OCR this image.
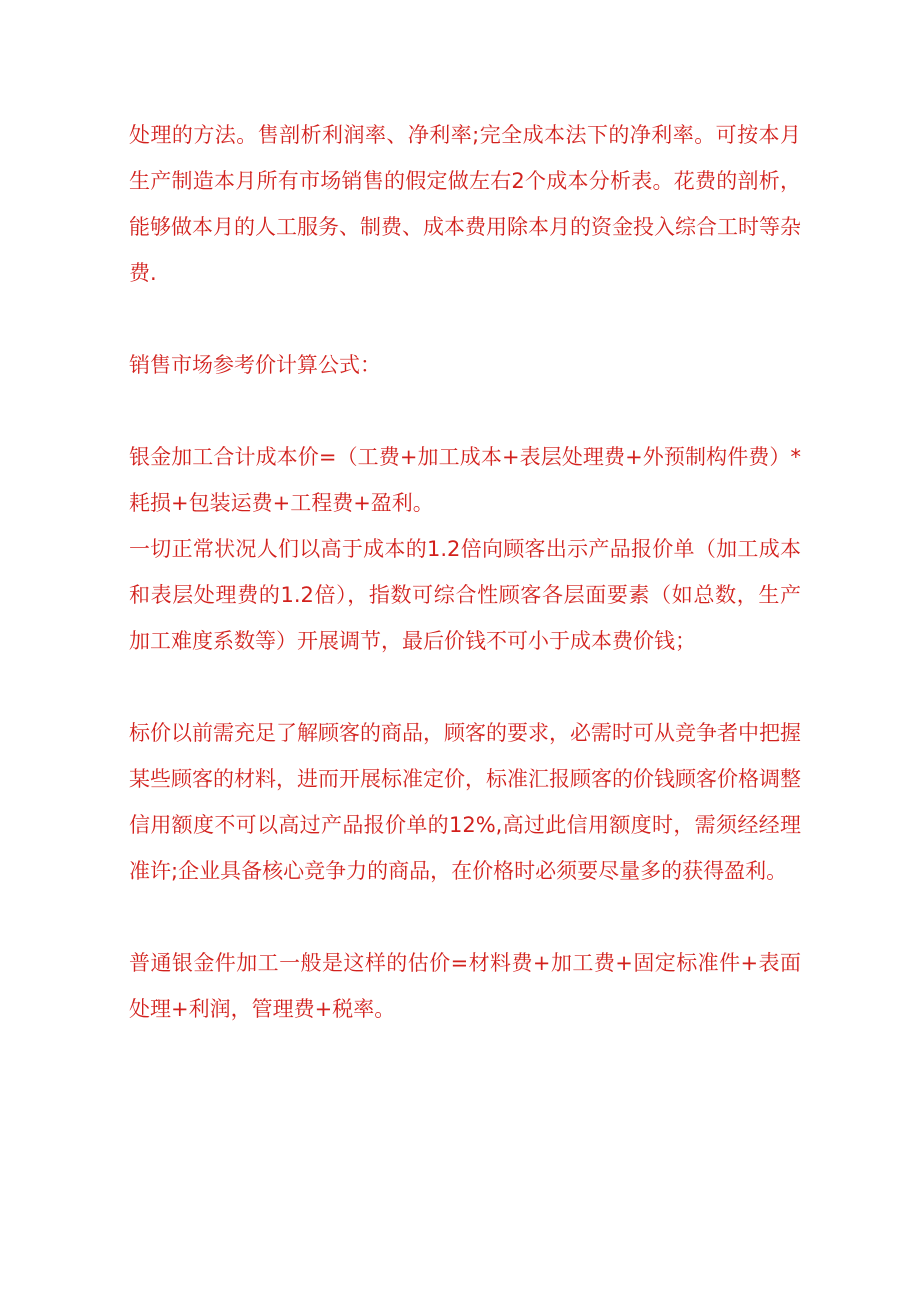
处理的方法。售剖析利润率、净利率;完全成本法下的净利率。可按本月生产制造本月所有市场销售的假定做左右2个成本分析表。花费的剖析，能够做本月的人工服务、制费、成本费用除本月的资金投入综合工时等杂费.

销售市场参考价计算公式：

银金加工合计成本价=（工费+加工成本+表层处理费+外预制构件费）*耗损+包装运费+工程费+盈利。

一切正常状况人们以高于成本的1.2倍向顾客出示产品报价单（加工成本和表层处理费的1.2倍），指数可综合性顾客各层面要素（如总数，生产加工难度系数等）开展调节，最后价钱不可小于成本费价钱；

标价以前需充足了解顾客的商品，顾客的要求，必需时可从竞争者中把握某些顾客的材料，进而开展标准定价，标准汇报顾客的价钱顾客价格调整信用额度不可以高过产品报价单的12%,高过此信用额度时，需须经经理准许;企业具备核心竞争力的商品，在价格时必须要尽量多的获得盈利。

普通银金件加工一般是这样的估价=材料费+加工费+固定标准件+表面处理+利润，管理费+税率。
